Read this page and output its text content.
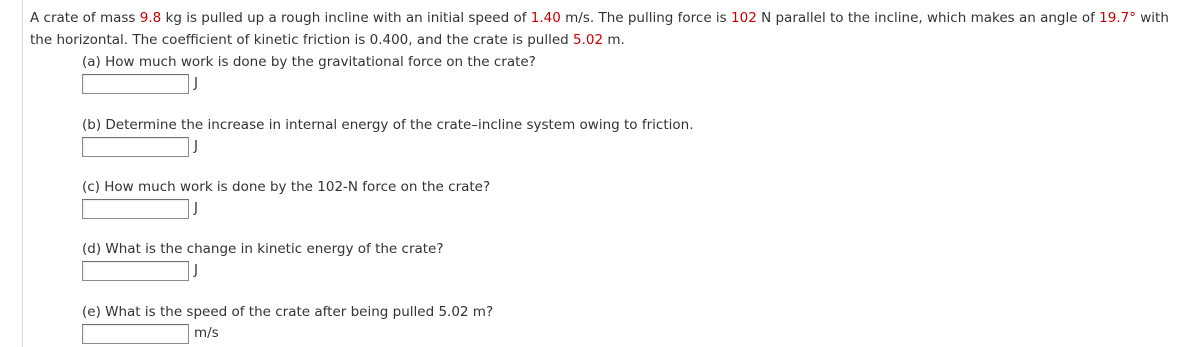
A crate of mass 9.8 kg is pulled up a rough incline with an initial speed of 1.40 m/s. The pulling force is 102 N parallel to the incline, which makes an angle of 19.7° with the horizontal. The coefficient of kinetic friction is 0.400, and the crate is pulled 5.02 m.
(a) How much work is done by the gravitational force on the crate?
J
(b) Determine the increase in internal energy of the crate–incline system owing to friction.
J
(c) How much work is done by the 102-N force on the crate?
J
(d) What is the change in kinetic energy of the crate?
J
(e) What is the speed of the crate after being pulled 5.02 m?
m/s
